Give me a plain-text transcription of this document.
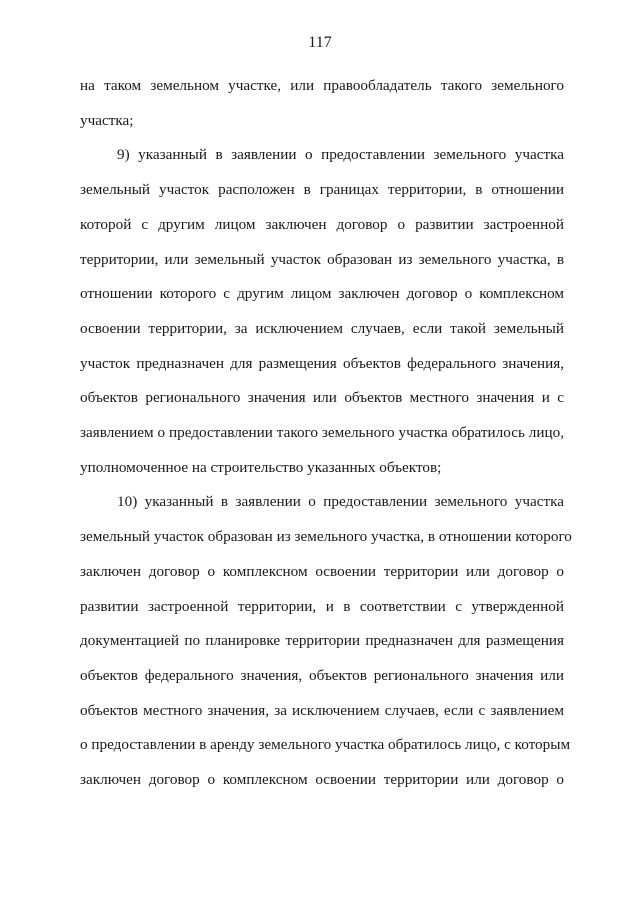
117
на таком земельном участке, или правообладатель такого земельного
участка;
9) указанный в заявлении о предоставлении земельного участка
земельный участок расположен в границах территории, в отношении
которой с другим лицом заключен договор о развитии застроенной
территории, или земельный участок образован из земельного участка, в
отношении которого с другим лицом заключен договор о комплексном
освоении территории, за исключением случаев, если такой земельный
участок предназначен для размещения объектов федерального значения,
объектов регионального значения или объектов местного значения и с
заявлением о предоставлении такого земельного участка обратилось лицо,
уполномоченное на строительство указанных объектов;
10) указанный в заявлении о предоставлении земельного участка
земельный участок образован из земельного участка, в отношении которого
заключен договор о комплексном освоении территории или договор о
развитии застроенной территории, и в соответствии с утвержденной
документацией по планировке территории предназначен для размещения
объектов федерального значения, объектов регионального значения или
объектов местного значения, за исключением случаев, если с заявлением
о предоставлении в аренду земельного участка обратилось лицо, с которым
заключен договор о комплексном освоении территории или договор о
